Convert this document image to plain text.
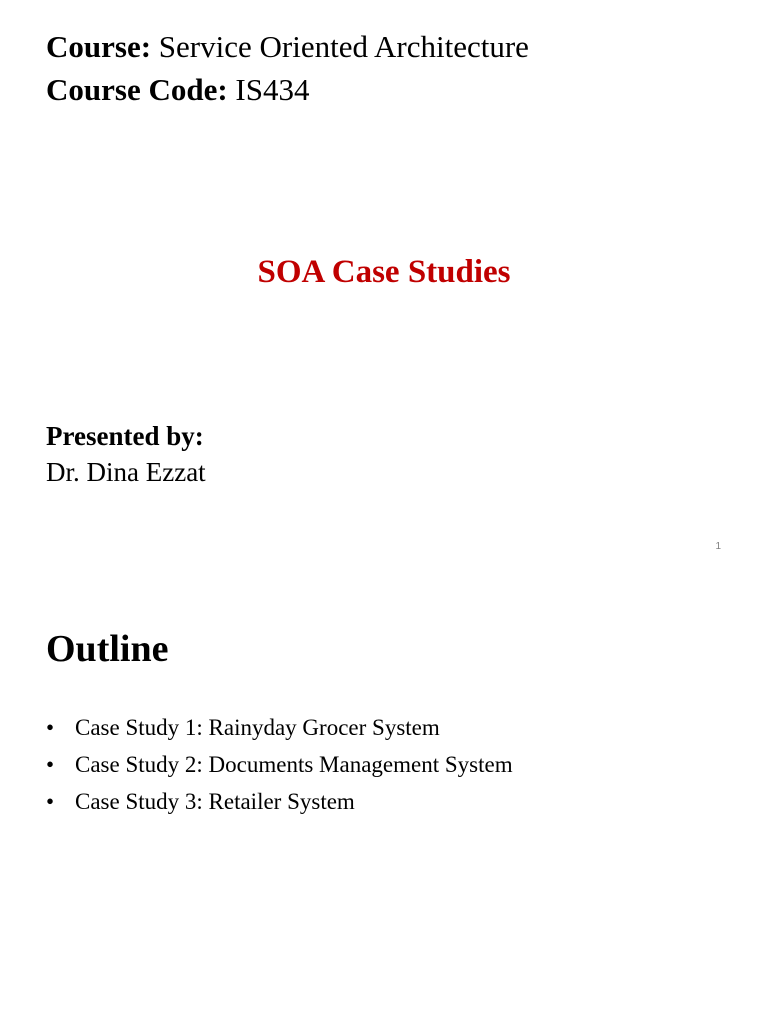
Course: Service Oriented Architecture
Course Code: IS434
SOA Case Studies
Presented by:
Dr. Dina Ezzat
1
Outline
• Case Study 1: Rainyday Grocer System
• Case Study 2: Documents Management System
• Case Study 3: Retailer System
